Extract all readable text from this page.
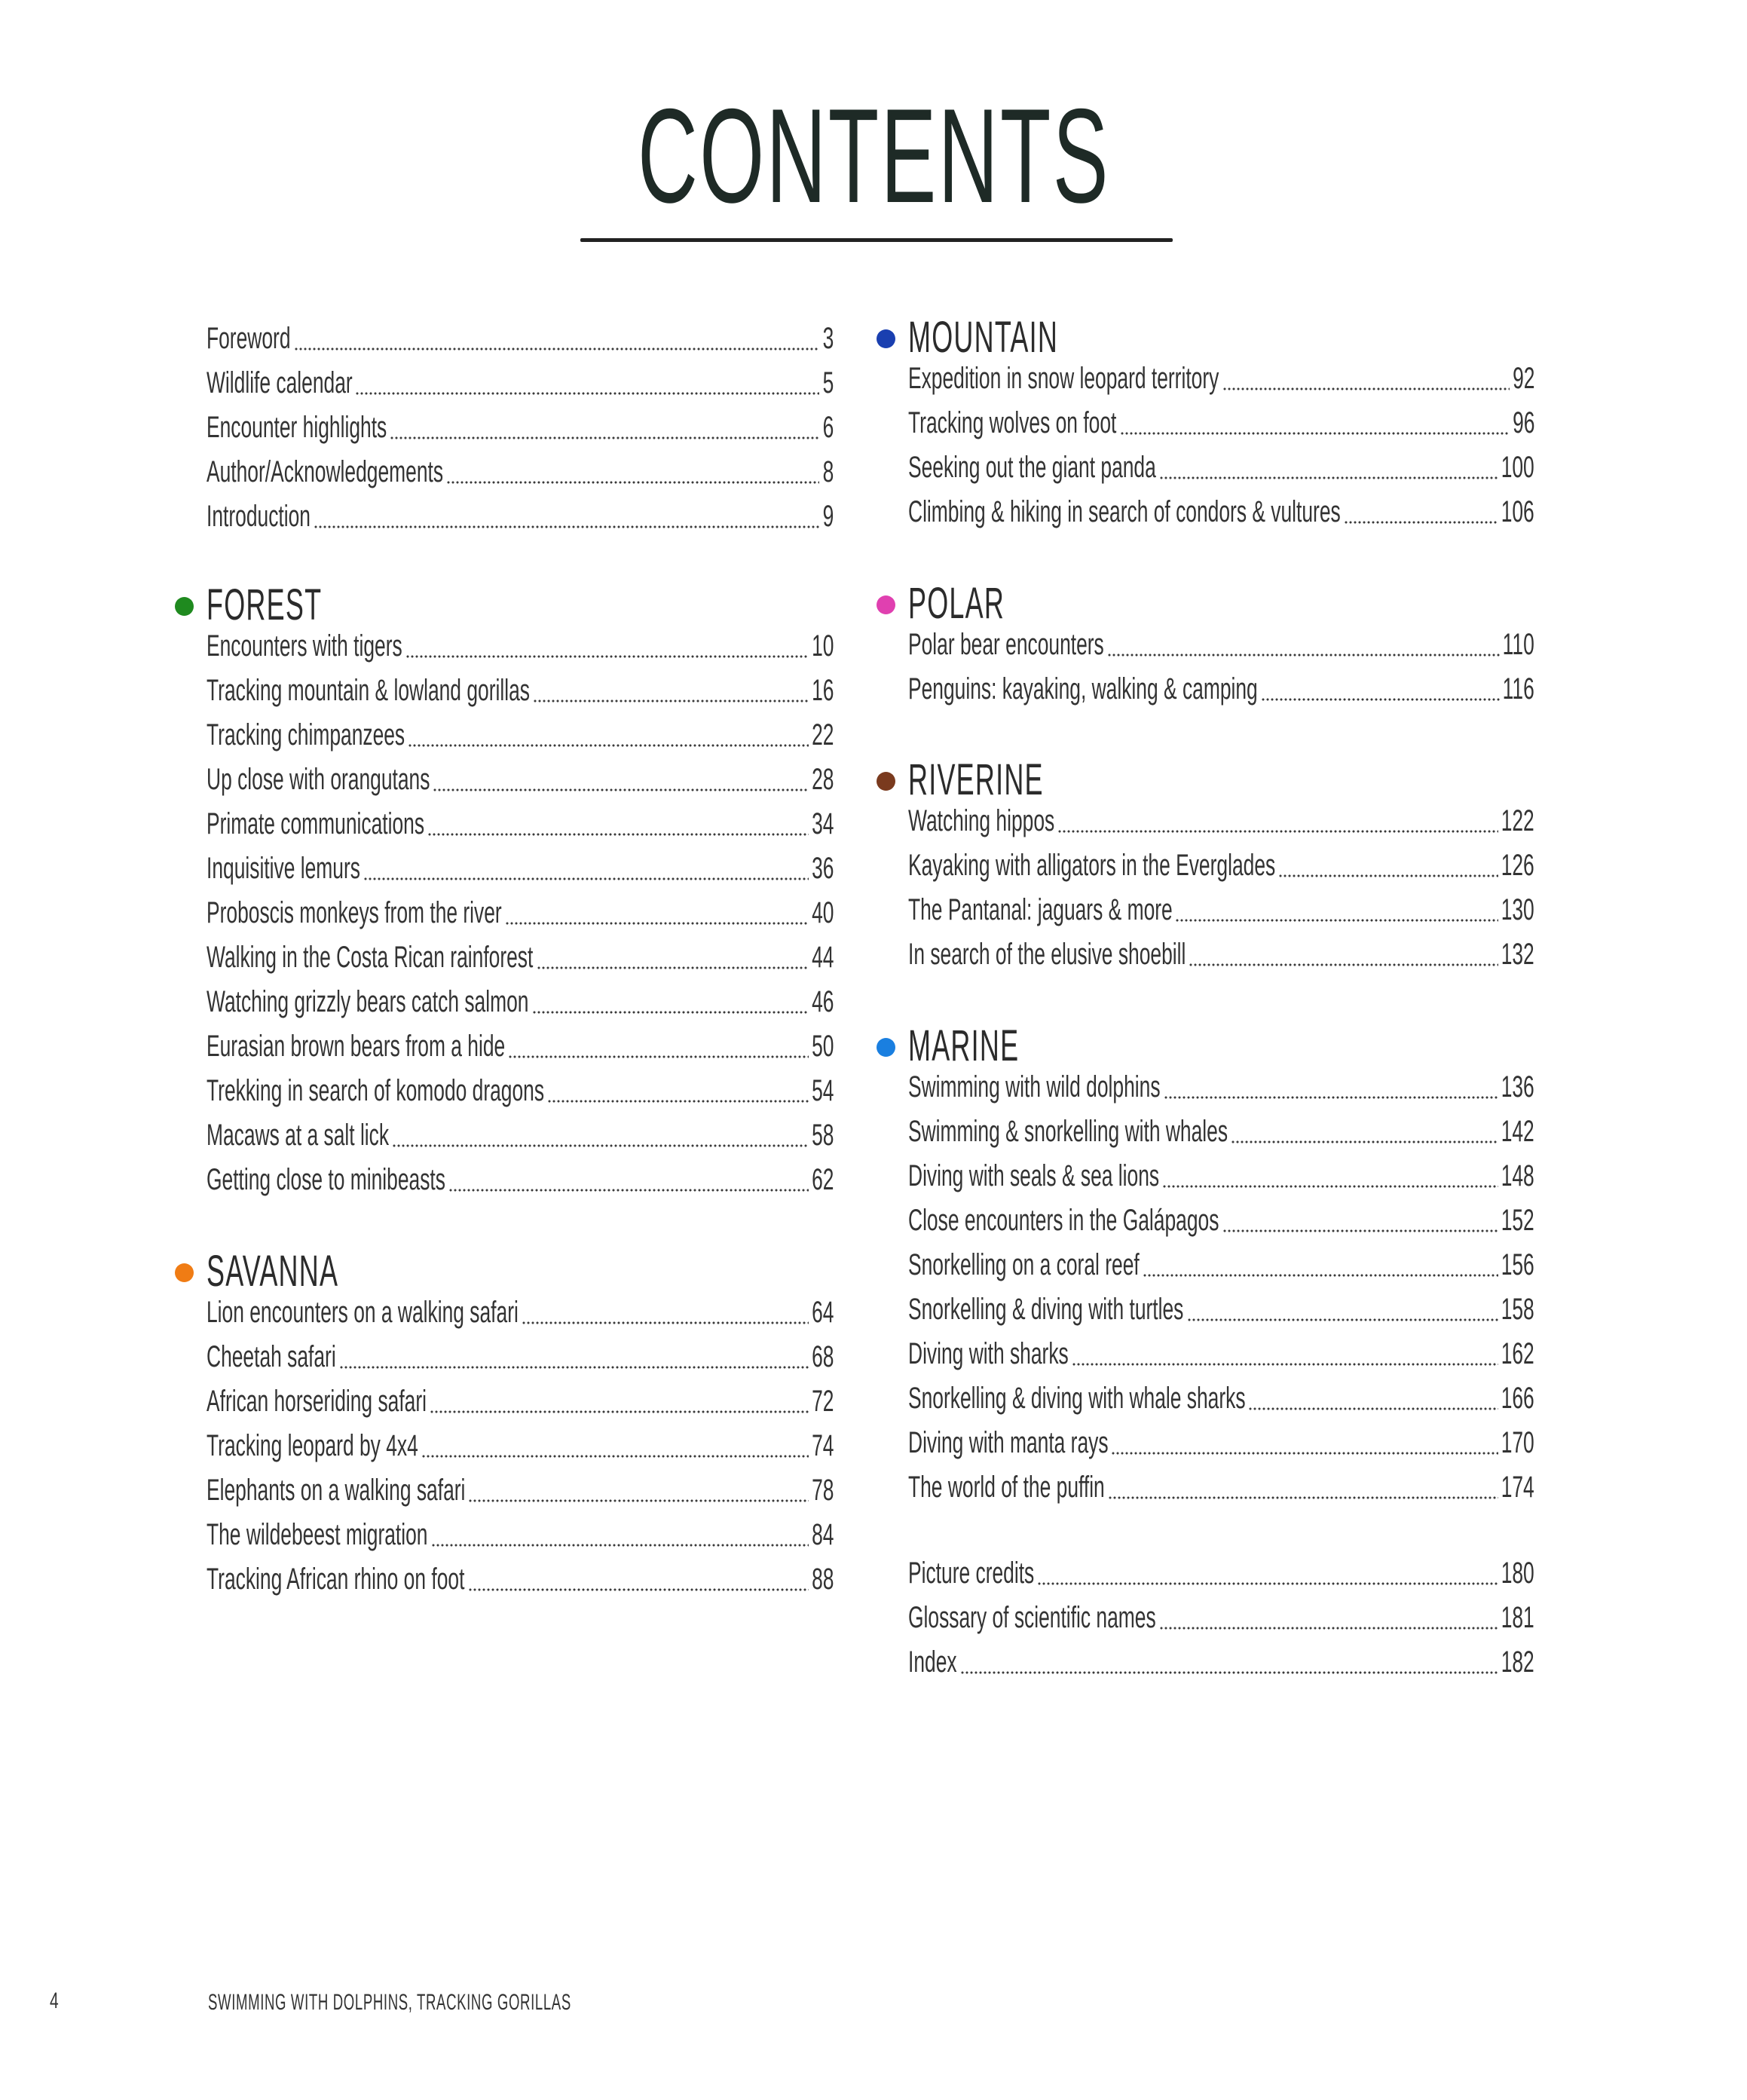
CONTENTS
Foreword	3
Wildlife calendar	5
Encounter highlights	6
Author/Acknowledgements	8
Introduction	9
FOREST
Encounters with tigers	10
Tracking mountain & lowland gorillas	16
Tracking chimpanzees	22
Up close with orangutans	28
Primate communications	34
Inquisitive lemurs	36
Proboscis monkeys from the river	40
Walking in the Costa Rican rainforest	44
Watching grizzly bears catch salmon	46
Eurasian brown bears from a hide	50
Trekking in search of komodo dragons	54
Macaws at a salt lick	58
Getting close to minibeasts	62
SAVANNA
Lion encounters on a walking safari	64
Cheetah safari	68
African horseriding safari	72
Tracking leopard by 4x4	74
Elephants on a walking safari	78
The wildebeest migration	84
Tracking African rhino on foot	88
MOUNTAIN
Expedition in snow leopard territory	92
Tracking wolves on foot	96
Seeking out the giant panda	100
Climbing & hiking in search of condors & vultures	106
POLAR
Polar bear encounters	110
Penguins: kayaking, walking & camping	116
RIVERINE
Watching hippos	122
Kayaking with alligators in the Everglades	126
The Pantanal: jaguars & more	130
In search of the elusive shoebill	132
MARINE
Swimming with wild dolphins	136
Swimming & snorkelling with whales	142
Diving with seals & sea lions	148
Close encounters in the Galápagos	152
Snorkelling on a coral reef	156
Snorkelling & diving with turtles	158
Diving with sharks	162
Snorkelling & diving with whale sharks	166
Diving with manta rays	170
The world of the puffin	174
Picture credits	180
Glossary of scientific names	181
Index	182
4	SWIMMING WITH DOLPHINS, TRACKING GORILLAS
